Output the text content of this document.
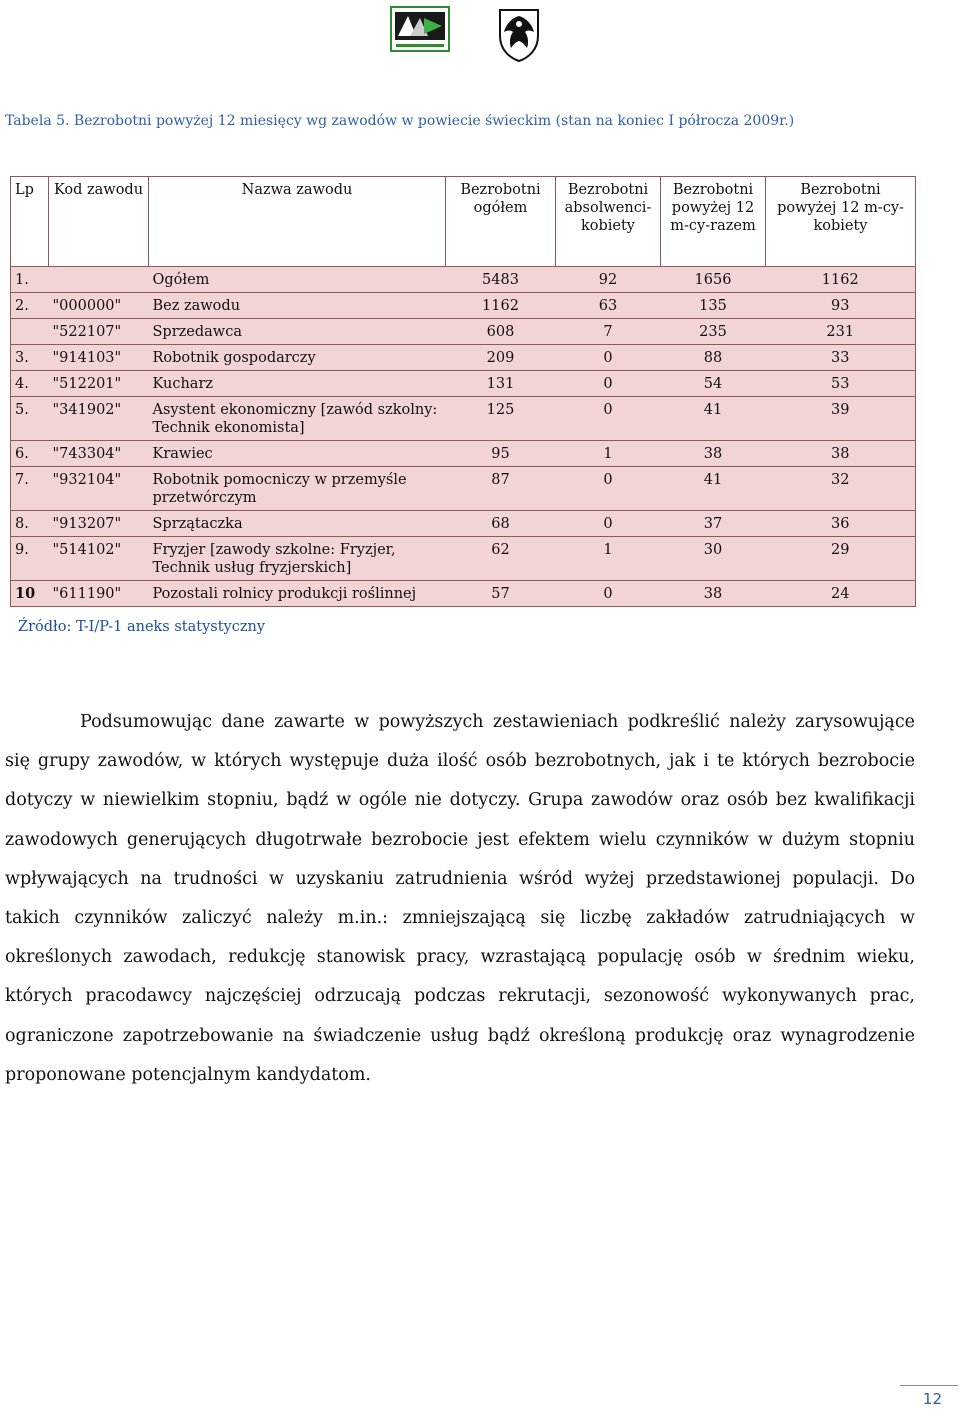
Tabela 5. Bezrobotni powyżej 12 miesięcy wg zawodów w powiecie świeckim (stan na koniec I półrocza 2009r.)
Lp	Kod zawodu	Nazwa zawodu	Bezrobotni ogółem	Bezrobotni absolwenci-kobiety	Bezrobotni powyżej 12 m-cy-razem	Bezrobotni powyżej 12 m-cy-kobiety
1.		Ogółem	5483	92	1656	1162
2.	"000000"	Bez zawodu	1162	63	135	93
	"522107"	Sprzedawca	608	7	235	231
3.	"914103"	Robotnik gospodarczy	209	0	88	33
4.	"512201"	Kucharz	131	0	54	53
5.	"341902"	Asystent ekonomiczny [zawód szkolny: Technik ekonomista]	125	0	41	39
6.	"743304"	Krawiec	95	1	38	38
7.	"932104"	Robotnik pomocniczy w przemyśle przetwórczym	87	0	41	32
8.	"913207"	Sprzątaczka	68	0	37	36
9.	"514102"	Fryzjer [zawody szkolne: Fryzjer, Technik usług fryzjerskich]	62	1	30	29
10	"611190"	Pozostali rolnicy produkcji roślinnej	57	0	38	24
Źródło: T-I/P-1 aneks statystyczny

Podsumowując dane zawarte w powyższych zestawieniach podkreślić należy zarysowujące się grupy zawodów, w których występuje duża ilość osób bezrobotnych, jak i te których bezrobocie dotyczy w niewielkim stopniu, bądź w ogóle nie dotyczy. Grupa zawodów oraz osób bez kwalifikacji zawodowych generujących długotrwałe bezrobocie jest efektem wielu czynników w dużym stopniu wpływających na trudności w uzyskaniu zatrudnienia wśród wyżej przedstawionej populacji. Do takich czynników zaliczyć należy m.in.: zmniejszającą się liczbę zakładów zatrudniających w określonych zawodach, redukcję stanowisk pracy, wzrastającą populację osób w średnim wieku, których pracodawcy najczęściej odrzucają podczas rekrutacji, sezonowość wykonywanych prac, ograniczone zapotrzebowanie na świadczenie usług bądź określoną produkcję oraz wynagrodzenie proponowane potencjalnym kandydatom.

12
